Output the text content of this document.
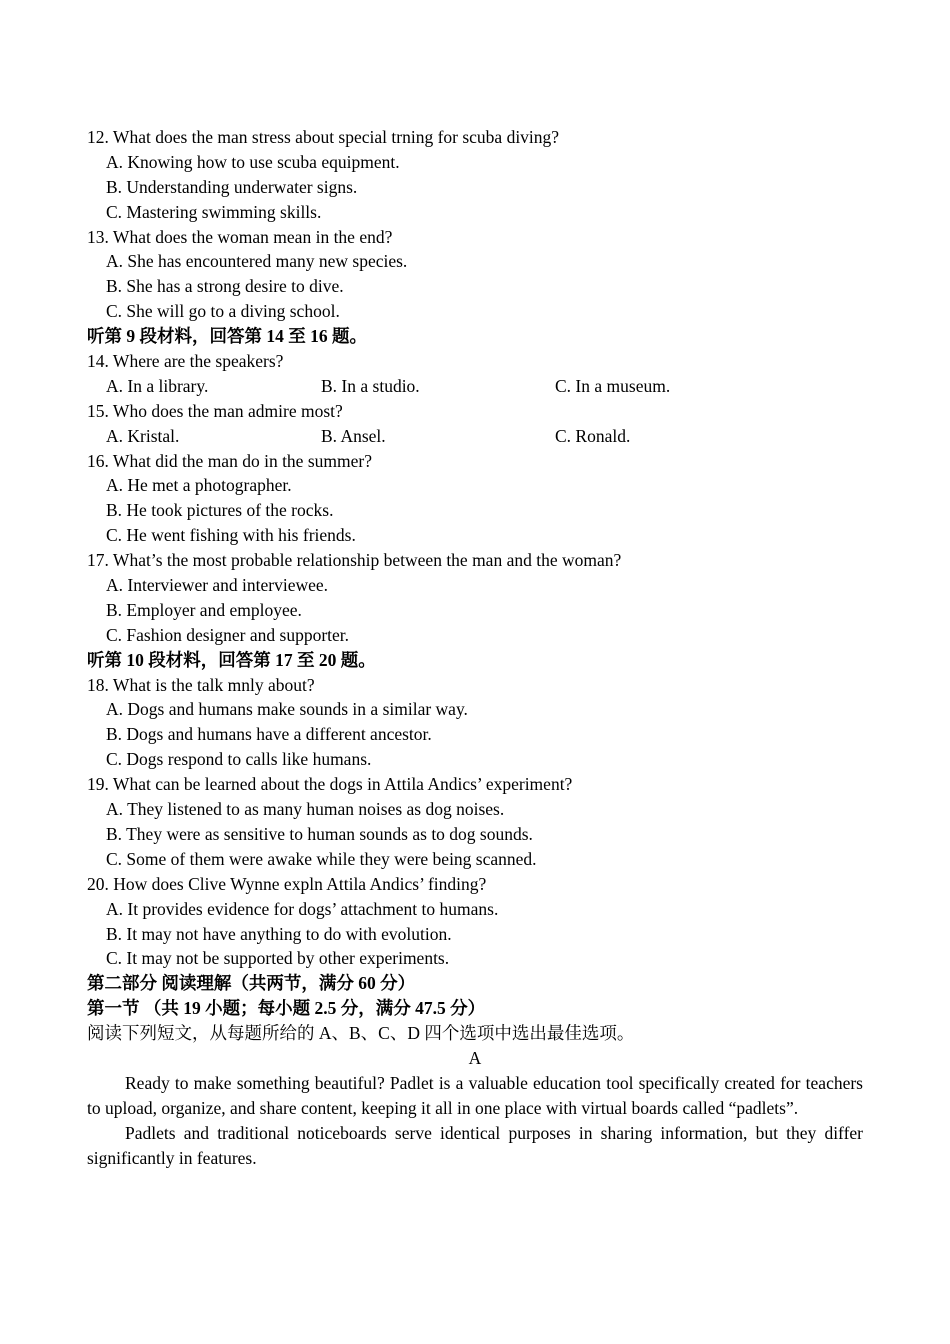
12. What does the man stress about special trning for scuba diving?
A. Knowing how to use scuba equipment.
B. Understanding underwater signs.
C. Mastering swimming skills.
13. What does the woman mean in the end?
A. She has encountered many new species.
B. She has a strong desire to dive.
C. She will go to a diving school.
听第 9 段材料，回答第 14 至 16 题。
14. Where are the speakers?
A. In a library.	B. In a studio.	C. In a museum.
15. Who does the man admire most?
A. Kristal.	B. Ansel.	C. Ronald.
16. What did the man do in the summer?
A. He met a photographer.
B. He took pictures of the rocks.
C. He went fishing with his friends.
17. What’s the most probable relationship between the man and the woman?
A. Interviewer and interviewee.
B. Employer and employee.
C. Fashion designer and supporter.
听第 10 段材料，回答第 17 至 20 题。
18. What is the talk mnly about?
A. Dogs and humans make sounds in a similar way.
B. Dogs and humans have a different ancestor.
C. Dogs respond to calls like humans.
19. What can be learned about the dogs in Attila Andics’ experiment?
A. They listened to as many human noises as dog noises.
B. They were as sensitive to human sounds as to dog sounds.
C. Some of them were awake while they were being scanned.
20. How does Clive Wynne expln Attila Andics’ finding?
A. It provides evidence for dogs’ attachment to humans.
B. It may not have anything to do with evolution.
C. It may not be supported by other experiments.
第二部分 阅读理解（共两节，满分 60 分）
第一节 （共 19 小题；每小题 2.5 分，满分 47.5 分）
阅读下列短文，从每题所给的 A、B、C、D 四个选项中选出最佳选项。
A

Ready to make something beautiful? Padlet is a valuable education tool specifically created for teachers to upload, organize, and share content, keeping it all in one place with virtual boards called “padlets”.

Padlets and traditional noticeboards serve identical purposes in sharing information, but they differ significantly in features.
